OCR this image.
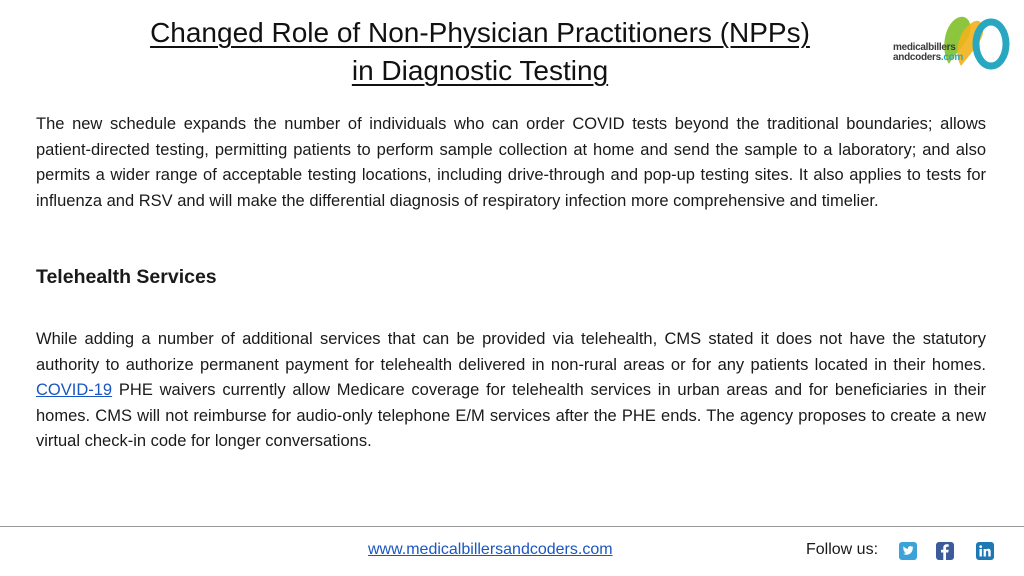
Changed Role of Non-Physician Practitioners (NPPs)
in Diagnostic Testing
medicalbillers
andcoders.com

The new schedule expands the number of individuals who can order COVID tests beyond the traditional boundaries; allows patient-directed testing, permitting patients to perform sample collection at home and send the sample to a laboratory; and also permits a wider range of acceptable testing locations, including drive-through and pop-up testing sites. It also applies to tests for influenza and RSV and will make the differential diagnosis of respiratory infection more comprehensive and timelier.

Telehealth Services

While adding a number of additional services that can be provided via telehealth, CMS stated it does not have the statutory authority to authorize permanent payment for telehealth delivered in non-rural areas or for any patients located in their homes. COVID-19 PHE waivers currently allow Medicare coverage for telehealth services in urban areas and for beneficiaries in their homes. CMS will not reimburse for audio-only telephone E/M services after the PHE ends. The agency proposes to create a new virtual check-in code for longer conversations.

www.medicalbillersandcoders.com	Follow us:
